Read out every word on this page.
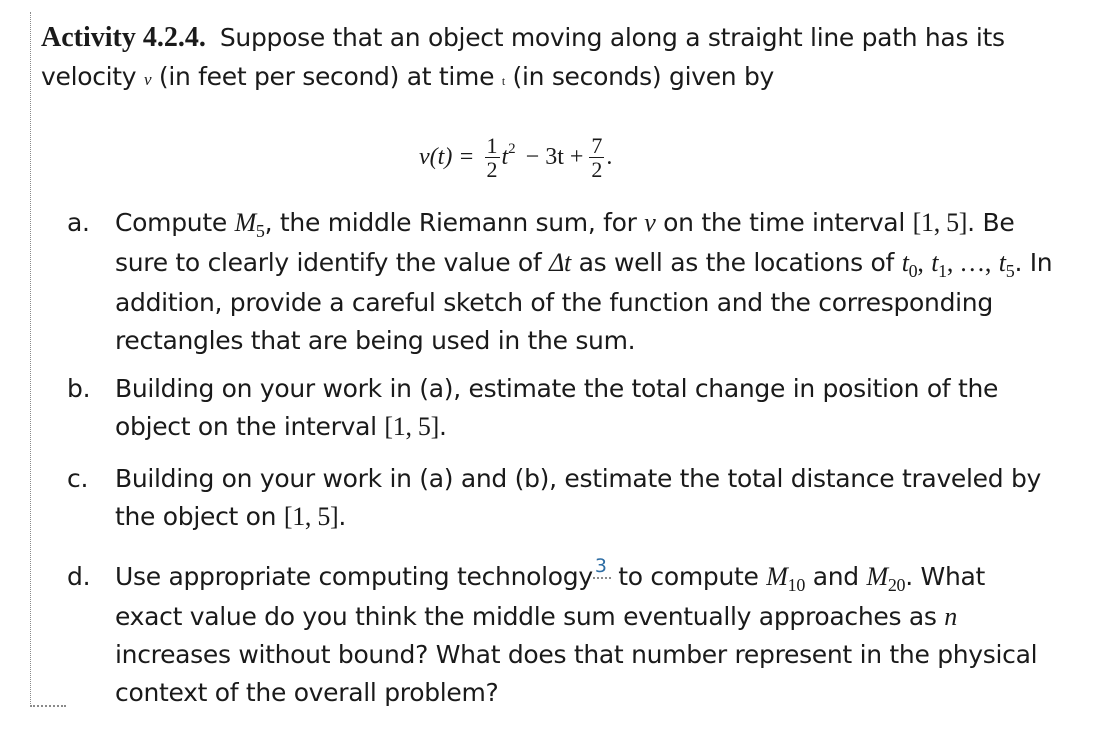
Activity 4.2.4. Suppose that an object moving along a straight line path has its velocity v (in feet per second) at time t (in seconds) given by
$v(t) = \frac{1}{2} t^2 - 3t + \frac{7}{2}$ .
a. Compute $M_5$, the middle Riemann sum, for v on the time interval [1, 5]. Be sure to clearly identify the value of Δt as well as the locations of $t_0$, $t_1$, …, $t_5$. In addition, provide a careful sketch of the function and the corresponding rectangles that are being used in the sum.
b. Building on your work in (a), estimate the total change in position of the object on the interval [1, 5].
c. Building on your work in (a) and (b), estimate the total distance traveled by the object on [1, 5].
d. Use appropriate computing technology $^3$ to compute $M_{10}$ and $M_{20}$. What exact value do you think the middle sum eventually approaches as n increases without bound? What does that number represent in the physical context of the overall problem?
